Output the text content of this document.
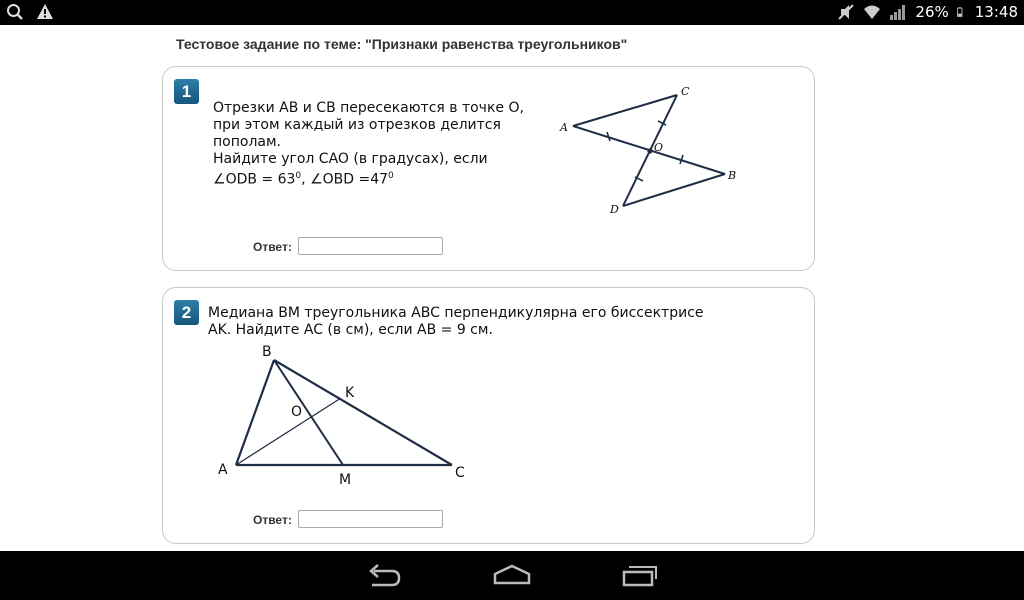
26% 13:48
Тестовое задание по теме: "Признаки равенства треугольников"
1
Отрезки AB и CB пересекаются в точке О,
при этом каждый из отрезков делится
пополам.
Найдите угол CAO (в градусах), если
∠ODB = $63^0$, ∠OBD $=47^0$
A
C
B
D
O
Ответ:
2	Медиана BM треугольника ABC перпендикулярна его биссектрисе
AK. Найдите AC (в см), если AB = 9 см.
B
A	C
M
K
O
Ответ:
